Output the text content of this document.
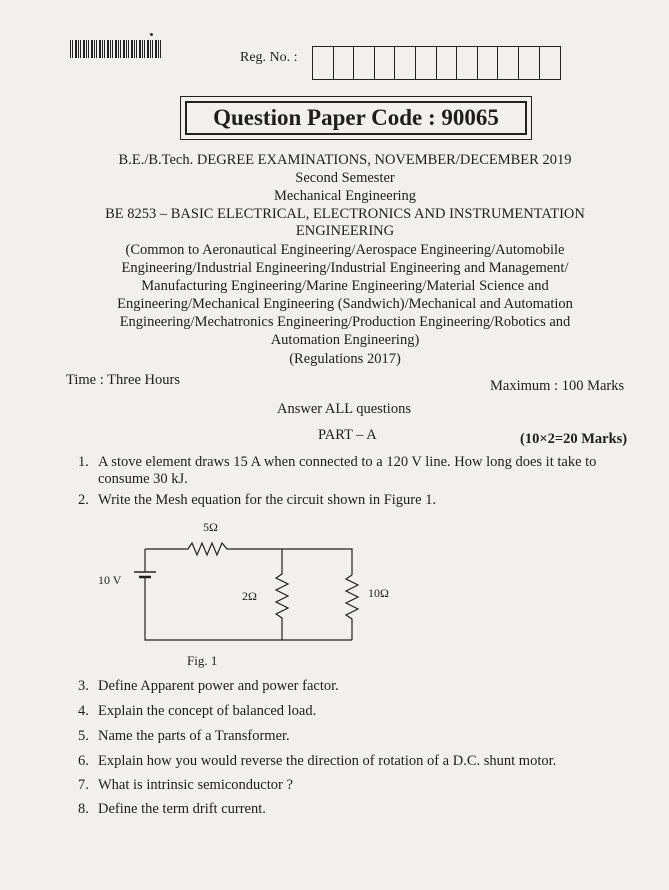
Reg. No. :
Question Paper Code : 90065
B.E./B.Tech. DEGREE EXAMINATIONS, NOVEMBER/DECEMBER 2019
Second Semester
Mechanical Engineering
BE 8253 – BASIC ELECTRICAL, ELECTRONICS AND INSTRUMENTATION
ENGINEERING
(Common to Aeronautical Engineering/Aerospace Engineering/Automobile
Engineering/Industrial Engineering/Industrial Engineering and Management/
Manufacturing Engineering/Marine Engineering/Material Science and
Engineering/Mechanical Engineering (Sandwich)/Mechanical and Automation
Engineering/Mechatronics Engineering/Production Engineering/Robotics and
Automation Engineering)
(Regulations 2017)
Time : Three Hours	Maximum : 100 Marks
Answer ALL questions
PART – A	(10×2=20 Marks)
1. A stove element draws 15 A when connected to a 120 V line. How long does it take to consume 30 kJ.
2. Write the Mesh equation for the circuit shown in Figure 1.
5Ω
10 V
2Ω	10Ω
Fig. 1
3. Define Apparent power and power factor.
4. Explain the concept of balanced load.
5. Name the parts of a Transformer.
6. Explain how you would reverse the direction of rotation of a D.C. shunt motor.
7. What is intrinsic semiconductor ?
8. Define the term drift current.
